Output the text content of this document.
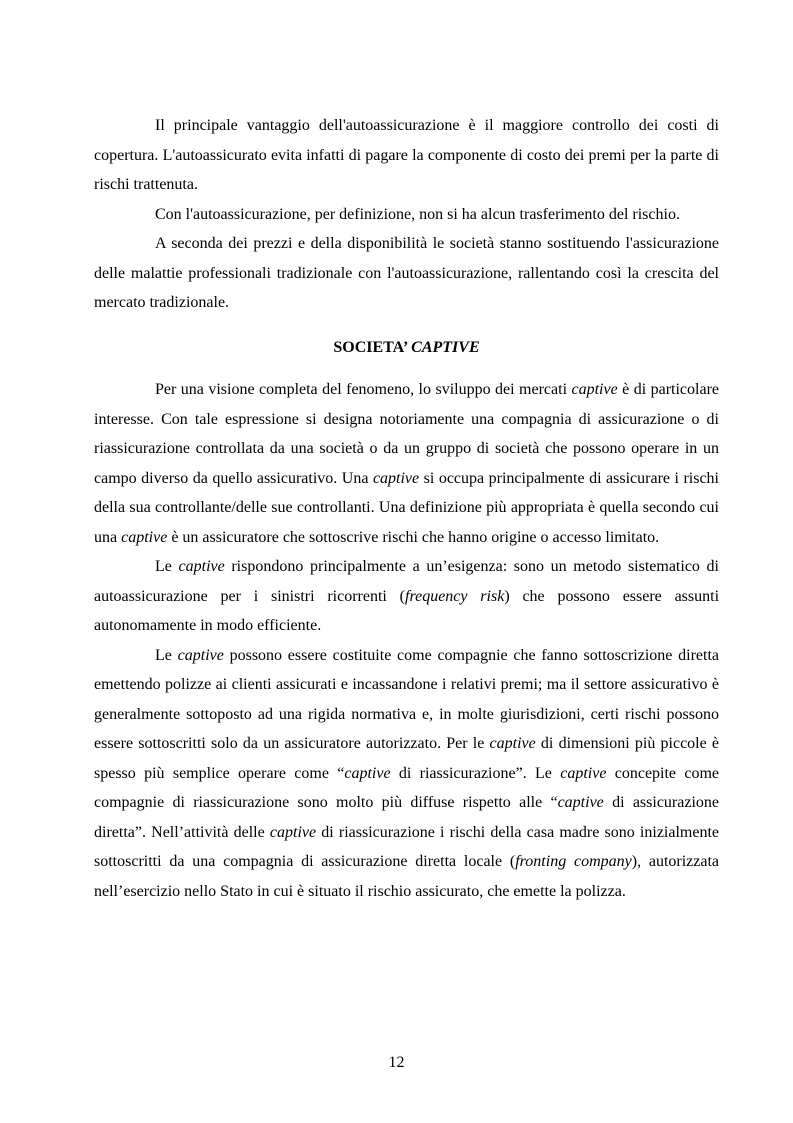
Il principale vantaggio dell'autoassicurazione è il maggiore controllo dei costi di copertura. L'autoassicurato evita infatti di pagare la componente di costo dei premi per la parte di rischi trattenuta.

Con l'autoassicurazione, per definizione, non si ha alcun trasferimento del rischio.

A seconda dei prezzi e della disponibilità le società stanno sostituendo l'assicurazione delle malattie professionali tradizionale con l'autoassicurazione, rallentando così la crescita del mercato tradizionale.

SOCIETA’ CAPTIVE

Per una visione completa del fenomeno, lo sviluppo dei mercati captive è di particolare interesse. Con tale espressione si designa notoriamente una compagnia di assicurazione o di riassicurazione controllata da una società o da un gruppo di società che possono operare in un campo diverso da quello assicurativo. Una captive si occupa principalmente di assicurare i rischi della sua controllante/delle sue controllanti. Una definizione più appropriata è quella secondo cui una captive è un assicuratore che sottoscrive rischi che hanno origine o accesso limitato.

Le captive rispondono principalmente a un’esigenza: sono un metodo sistematico di autoassicurazione per i sinistri ricorrenti (frequency risk) che possono essere assunti autonomamente in modo efficiente.

Le captive possono essere costituite come compagnie che fanno sottoscrizione diretta emettendo polizze ai clienti assicurati e incassandone i relativi premi; ma il settore assicurativo è generalmente sottoposto ad una rigida normativa e, in molte giurisdizioni, certi rischi possono essere sottoscritti solo da un assicuratore autorizzato. Per le captive di dimensioni più piccole è spesso più semplice operare come “captive di riassicurazione”. Le captive concepite come compagnie di riassicurazione sono molto più diffuse rispetto alle “captive di assicurazione diretta”. Nell’attività delle captive di riassicurazione i rischi della casa madre sono inizialmente sottoscritti da una compagnia di assicurazione diretta locale (fronting company), autorizzata nell’esercizio nello Stato in cui è situato il rischio assicurato, che emette la polizza.

12
